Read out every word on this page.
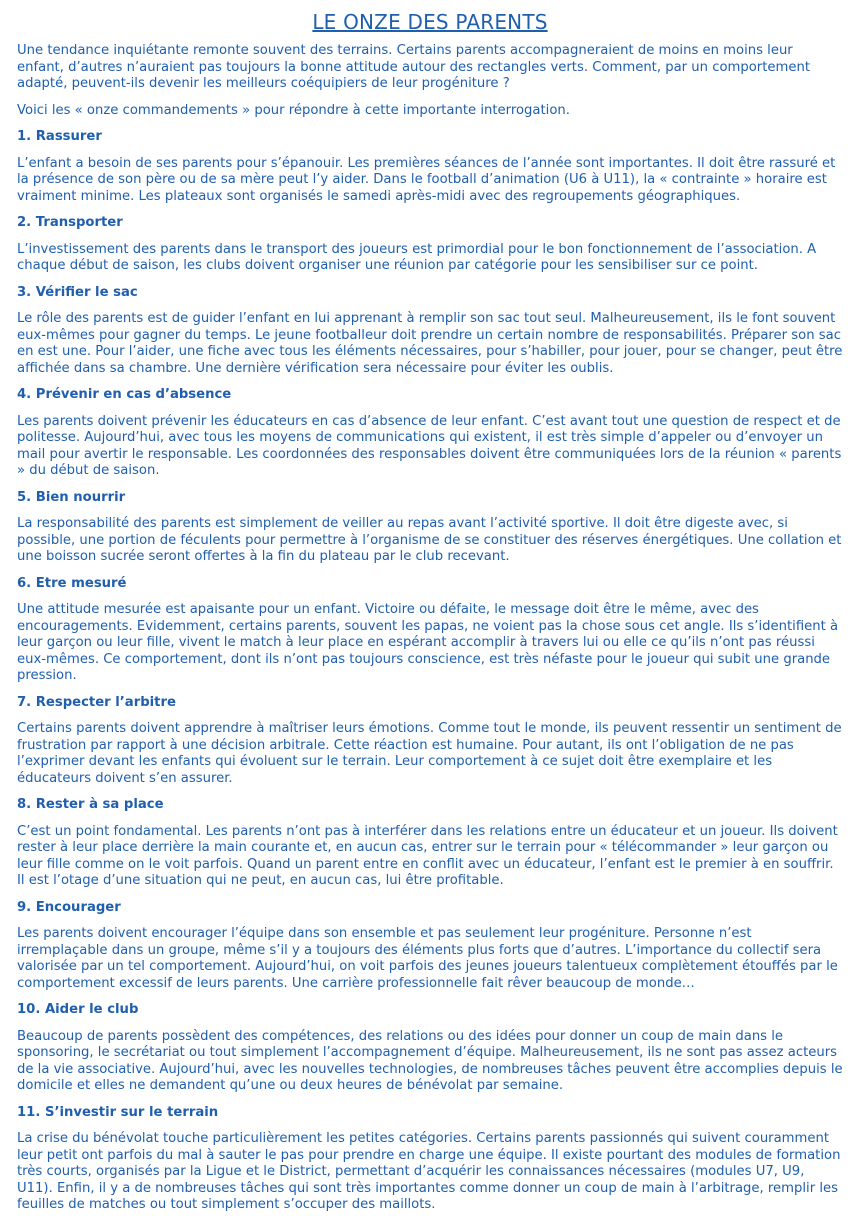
LE ONZE DES PARENTS

Une tendance inquiétante remonte souvent des terrains. Certains parents accompagneraient de moins en moins leur enfant, d’autres n’auraient pas toujours la bonne attitude autour des rectangles verts. Comment, par un comportement adapté, peuvent-ils devenir les meilleurs coéquipiers de leur progéniture ?

Voici les « onze commandements » pour répondre à cette importante interrogation.

1. Rassurer

L’enfant a besoin de ses parents pour s’épanouir. Les premières séances de l’année sont importantes. Il doit être rassuré et la présence de son père ou de sa mère peut l’y aider. Dans le football d’animation (U6 à U11), la « contrainte » horaire est vraiment minime. Les plateaux sont organisés le samedi après-midi avec des regroupements géographiques.

2. Transporter

L’investissement des parents dans le transport des joueurs est primordial pour le bon fonctionnement de l’association. A chaque début de saison, les clubs doivent organiser une réunion par catégorie pour les sensibiliser sur ce point.

3. Vérifier le sac

Le rôle des parents est de guider l’enfant en lui apprenant à remplir son sac tout seul. Malheureusement, ils le font souvent eux-mêmes pour gagner du temps. Le jeune footballeur doit prendre un certain nombre de responsabilités. Préparer son sac en est une. Pour l’aider, une fiche avec tous les éléments nécessaires, pour s’habiller, pour jouer, pour se changer, peut être affichée dans sa chambre. Une dernière vérification sera nécessaire pour éviter les oublis.

4. Prévenir en cas d’absence

Les parents doivent prévenir les éducateurs en cas d’absence de leur enfant. C’est avant tout une question de respect et de politesse. Aujourd’hui, avec tous les moyens de communications qui existent, il est très simple d’appeler ou d’envoyer un mail pour avertir le responsable. Les coordonnées des responsables doivent être communiquées lors de la réunion « parents » du début de saison.

5. Bien nourrir

La responsabilité des parents est simplement de veiller au repas avant l’activité sportive. Il doit être digeste avec, si possible, une portion de féculents pour permettre à l’organisme de se constituer des réserves énergétiques. Une collation et une boisson sucrée seront offertes à la fin du plateau par le club recevant.

6. Etre mesuré

Une attitude mesurée est apaisante pour un enfant. Victoire ou défaite, le message doit être le même, avec des encouragements. Evidemment, certains parents, souvent les papas, ne voient pas la chose sous cet angle. Ils s’identifient à leur garçon ou leur fille, vivent le match à leur place en espérant accomplir à travers lui ou elle ce qu’ils n’ont pas réussi eux-mêmes. Ce comportement, dont ils n’ont pas toujours conscience, est très néfaste pour le joueur qui subit une grande pression.

7. Respecter l’arbitre

Certains parents doivent apprendre à maîtriser leurs émotions. Comme tout le monde, ils peuvent ressentir un sentiment de frustration par rapport à une décision arbitrale. Cette réaction est humaine. Pour autant, ils ont l’obligation de ne pas l’exprimer devant les enfants qui évoluent sur le terrain. Leur comportement à ce sujet doit être exemplaire et les éducateurs doivent s’en assurer.

8. Rester à sa place

C’est un point fondamental. Les parents n’ont pas à interférer dans les relations entre un éducateur et un joueur. Ils doivent rester à leur place derrière la main courante et, en aucun cas, entrer sur le terrain pour « télécommander » leur garçon ou leur fille comme on le voit parfois. Quand un parent entre en conflit avec un éducateur, l’enfant est le premier à en souffrir. Il est l’otage d’une situation qui ne peut, en aucun cas, lui être profitable.

9. Encourager

Les parents doivent encourager l’équipe dans son ensemble et pas seulement leur progéniture. Personne n’est irremplaçable dans un groupe, même s’il y a toujours des éléments plus forts que d’autres. L’importance du collectif sera valorisée par un tel comportement. Aujourd’hui, on voit parfois des jeunes joueurs talentueux complètement étouffés par le comportement excessif de leurs parents. Une carrière professionnelle fait rêver beaucoup de monde…

10. Aider le club

Beaucoup de parents possèdent des compétences, des relations ou des idées pour donner un coup de main dans le sponsoring, le secrétariat ou tout simplement l’accompagnement d’équipe. Malheureusement, ils ne sont pas assez acteurs de la vie associative. Aujourd’hui, avec les nouvelles technologies, de nombreuses tâches peuvent être accomplies depuis le domicile et elles ne demandent qu’une ou deux heures de bénévolat par semaine.

11. S’investir sur le terrain

La crise du bénévolat touche particulièrement les petites catégories. Certains parents passionnés qui suivent couramment leur petit ont parfois du mal à sauter le pas pour prendre en charge une équipe. Il existe pourtant des modules de formation très courts, organisés par la Ligue et le District, permettant d’acquérir les connaissances nécessaires (modules U7, U9, U11). Enfin, il y a de nombreuses tâches qui sont très importantes comme donner un coup de main à l’arbitrage, remplir les feuilles de matches ou tout simplement s’occuper des maillots.
